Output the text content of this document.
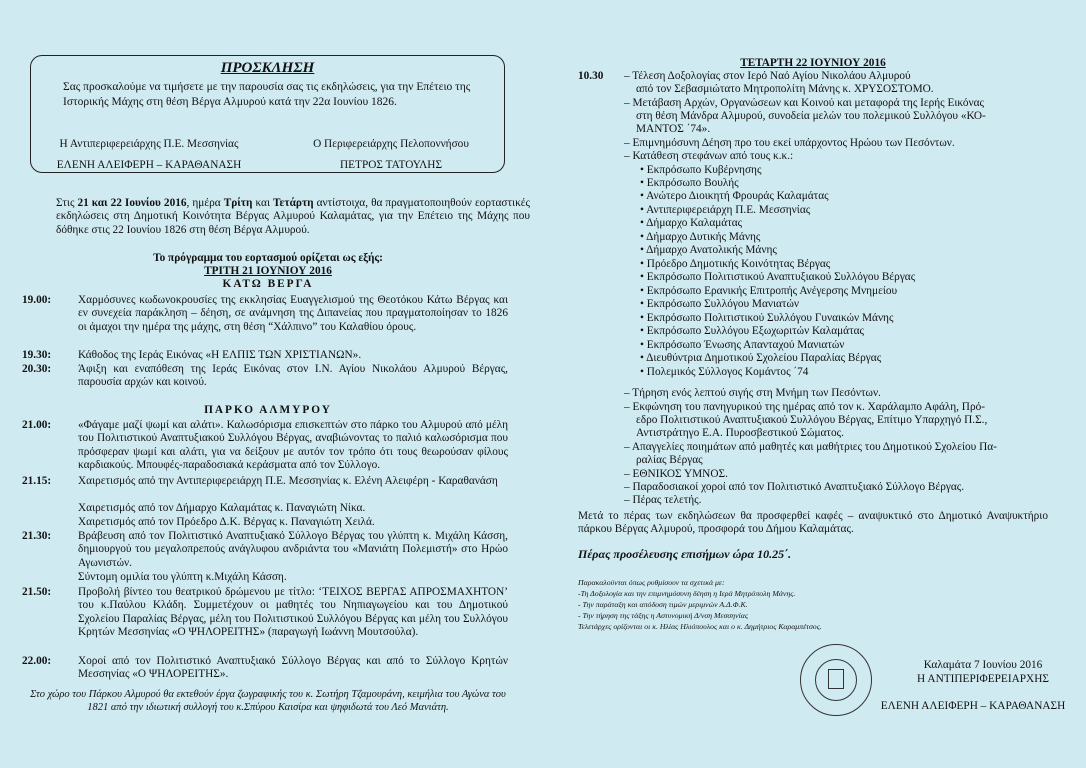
ΠΡΟΣΚΛΗΣΗ
Σας προσκαλούμε να τιμήσετε με την παρουσία σας τις εκδηλώσεις, για την Επέτειο της Ιστορικής Μάχης στη θέση Βέργα Αλμυρού κατά την 22α Ιουνίου 1826.
Η Αντιπεριφερειάρχης Π.Ε. Μεσσηνίας
ΕΛΕΝΗ ΑΛΕΙΦΕΡΗ – ΚΑΡΑΘΑΝΑΣΗ
Ο Περιφερειάρχης Πελοποννήσου
ΠΕΤΡΟΣ ΤΑΤΟΥΛΗΣ
Στις 21 και 22 Ιουνίου 2016, ημέρα Τρίτη και Τετάρτη αντίστοιχα, θα πραγματοποιηθούν εορταστικές εκδηλώσεις στη Δημοτική Κοινότητα Βέργας Αλμυρού Καλαμάτας, για την Επέτειο της Μάχης που δόθηκε στις 22 Ιουνίου 1826 στη θέση Βέργα Αλμυρού.
Το πρόγραμμα του εορτασμού ορίζεται ως εξής:
ΤΡΙΤΗ 21 ΙΟΥΝΙΟΥ 2016
ΚΑΤΩ ΒΕΡΓΑ
19.00: Χαρμόσυνες κωδωνοκρουσίες της εκκλησίας Ευαγγελισμού της Θεοτόκου Κάτω Βέργας και εν συνεχεία παράκληση – δέηση, σε ανάμνηση της Διπανείας που πραγματοποίησαν το 1826 οι άμαχοι την ημέρα της μάχης, στη θέση “Χάλπινο” του Καλαθίου όρους.
19.30: Κάθοδος της Ιεράς Εικόνας «Η ΕΛΠΙΣ ΤΩΝ ΧΡΙΣΤΙΑΝΩΝ».
20.30: Άφιξη και εναπόθεση της Ιεράς Εικόνας στον Ι.Ν. Αγίου Νικολάου Αλμυρού Βέργας, παρουσία αρχών και κοινού.
ΠΑΡΚΟ ΑΛΜΥΡΟΥ
21.00: «Φάγαμε μαζί ψωμί και αλάτι». Καλωσόρισμα επισκεπτών στο πάρκο του Αλμυρού από μέλη του Πολιτιστικού Αναπτυξιακού Συλλόγου Βέργας, αναβιώνοντας το παλιό καλωσόρισμα που πρόσφεραν ψωμί και αλάτι, για να δείξουν με αυτόν τον τρόπο ότι τους θεωρούσαν φίλους καρδιακούς. Μπουφές-παραδοσιακά κεράσματα από τον Σύλλογο.
21.15: Χαιρετισμός από την Αντιπεριφερειάρχη Π.Ε. Μεσσηνίας κ. Ελένη Αλειφέρη - Καραθανάση
Χαιρετισμός από τον Δήμαρχο Καλαμάτας κ. Παναγιώτη Νίκα.
Χαιρετισμός από τον Πρόεδρο Δ.Κ. Βέργας κ. Παναγιώτη Χειλά.
21.30: Βράβευση από τον Πολιτιστικό Αναπτυξιακό Σύλλογο Βέργας του γλύπτη κ. Μιχάλη Κάσση, δημιουργού του μεγαλοπρεπούς ανάγλυφου ανδριάντα του «Μανιάτη Πολεμιστή» στο Ηρώο Αγωνιστών.
Σύντομη ομιλία του γλύπτη κ.Μιχάλη Κάσση.
21.50: Προβολή βίντεο του θεατρικού δρώμενου με τίτλο: ‘ΤΕΙΧΟΣ ΒΕΡΓΑΣ ΑΠΡΟΣΜΑΧΗΤΟΝ’ του κ.Παύλου Κλάδη. Συμμετέχουν οι μαθητές του Νηπιαγωγείου και του Δημοτικού Σχολείου Παραλίας Βέργας, μέλη του Πολιτιστικού Συλλόγου Βέργας και μέλη του Συλλόγου Κρητών Μεσσηνίας «Ο ΨΗΛΟΡΕΙΤΗΣ» (παραγωγή Ιωάννη Μουτσούλα).
22.00: Χοροί από τον Πολιτιστικό Αναπτυξιακό Σύλλογο Βέργας και από το Σύλλογο Κρητών Μεσσηνίας «Ο ΨΗΛΟΡΕΙΤΗΣ».
Στο χώρο του Πάρκου Αλμυρού θα εκτεθούν έργα ζωγραφικής του κ. Σωτήρη Τζαμουράνη, κειμήλια του Αγώνα του 1821 από την ιδιωτική συλλογή του κ.Σπύρου Καισίρα και ψηφιδωτά του Λεό Μανιάτη.
ΤΕΤΑΡΤΗ 22 ΙΟΥΝΙΟΥ 2016
10.30 – Τέλεση Δοξολογίας στον Ιερό Ναό Αγίου Νικολάου Αλμυρού
από τον Σεβασμιώτατο Μητροπολίτη Μάνης κ. ΧΡΥΣΟΣΤΟΜΟ.
– Μετάβαση Αρχών, Οργανώσεων και Κοινού και μεταφορά της Ιερής Εικόνας
στη θέση Μάνδρα Αλμυρού, συνοδεία μελών του πολεμικού Συλλόγου «ΚΟ-
ΜΑΝΤΟΣ ΄74».
– Επιμνημόσυνη Δέηση προ του εκεί υπάρχοντος Ηρώου των Πεσόντων.
– Κατάθεση στεφάνων από τους κ.κ.:
• Εκπρόσωπο Κυβέρνησης
• Εκπρόσωπο Βουλής
• Ανώτερο Διοικητή Φρουράς Καλαμάτας
• Αντιπεριφερειάρχη Π.Ε. Μεσσηνίας
• Δήμαρχο Καλαμάτας
• Δήμαρχο Δυτικής Μάνης
• Δήμαρχο Ανατολικής Μάνης
• Πρόεδρο Δημοτικής Κοινότητας Βέργας
• Εκπρόσωπο Πολιτιστικού Αναπτυξιακού Συλλόγου Βέργας
• Εκπρόσωπο Ερανικής Επιτροπής Ανέγερσης Μνημείου
• Εκπρόσωπο Συλλόγου Μανιατών
• Εκπρόσωπο Πολιτιστικού Συλλόγου Γυναικών Μάνης
• Εκπρόσωπο Συλλόγου Εξωχωριτών Καλαμάτας
• Εκπρόσωπο Ένωσης Απανταχού Μανιατών
• Διευθύντρια Δημοτικού Σχολείου Παραλίας Βέργας
• Πολεμικός Σύλλογος Κομάντος ΄74
– Τήρηση ενός λεπτού σιγής στη Μνήμη των Πεσόντων.
– Εκφώνηση του πανηγυρικού της ημέρας από τον κ. Χαράλαμπο Αφάλη, Πρό-
εδρο Πολιτιστικού Αναπτυξιακού Συλλόγου Βέργας, Επίτιμο Υπαρχηγό Π.Σ.,
Αντιστράτηγο Ε.Α. Πυροσβεστικού Σώματος.
– Απαγγελίες ποιημάτων από μαθητές και μαθήτριες του Δημοτικού Σχολείου Πα-
ραλίας Βέργας
– ΕΘΝΙΚΟΣ ΥΜΝΟΣ.
– Παραδοσιακοί χοροί από τον Πολιτιστικό Αναπτυξιακό Σύλλογο Βέργας.
– Πέρας τελετής.
Μετά το πέρας των εκδηλώσεων θα προσφερθεί καφές – αναψυκτικό στο Δημοτικό Αναψυκτήριο πάρκου Βέργας Αλμυρού, προσφορά του Δήμου Καλαμάτας.
Πέρας προσέλευσης επισήμων ώρα 10.25΄.
Παρακαλούνται όπως ρυθμίσουν τα σχετικά με:
-Τη Δοξολογία και την επιμνημόσυνη δέηση η Ιερά Μητρόπολη Μάνης.
- Την παράταξη και απόδοση τιμών μεριμνών Α.Δ.Φ.Κ.
- Την τήρηση της τάξης η Αστυνομική Δ/νση Μεσσηνίας
Τελετάρχες ορίζονται οι κ. Ηλίας Ηλιόπουλος και ο κ. Δημήτριος Καραμπέτσος.
Καλαμάτα 7 Ιουνίου 2016
Η ΑΝΤΙΠΕΡΙΦΕΡΕΙΑΡΧΗΣ
ΕΛΕΝΗ ΑΛΕΙΦΕΡΗ – ΚΑΡΑΘΑΝΑΣΗ
